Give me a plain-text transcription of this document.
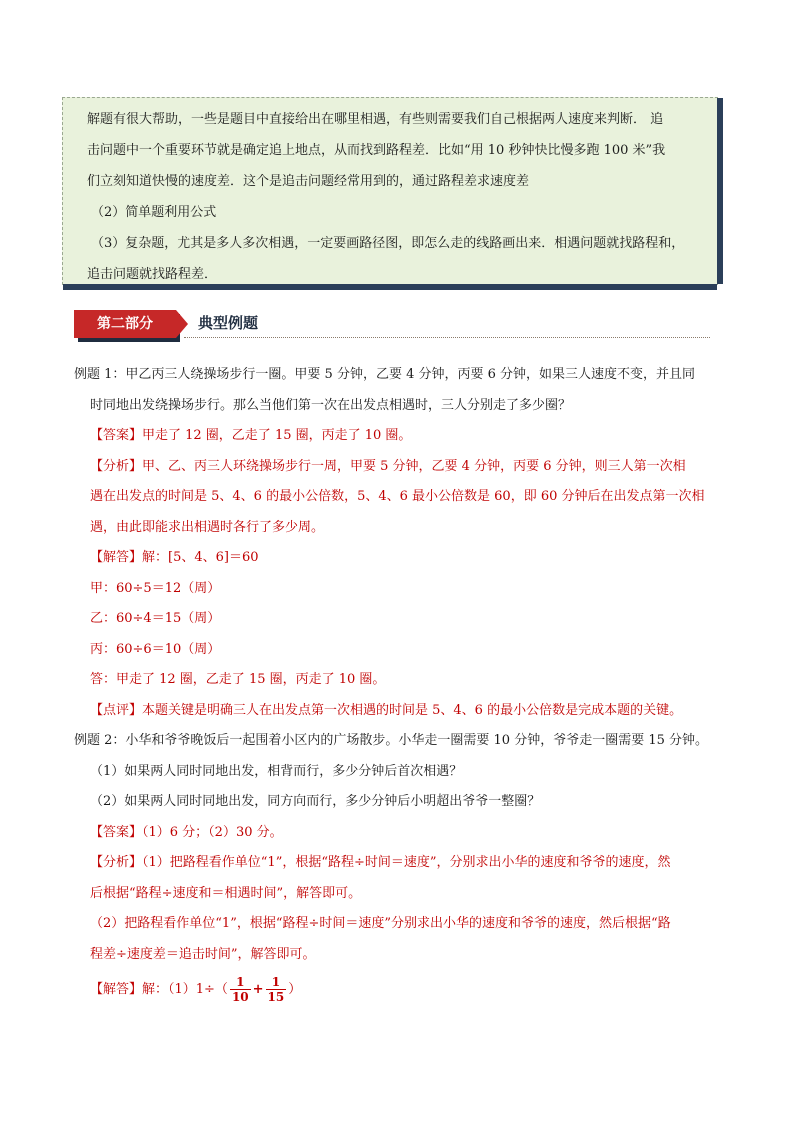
解题有很大帮助，一些是题目中直接给出在哪里相遇，有些则需要我们自己根据两人速度来判断． 追
击问题中一个重要环节就是确定追上地点，从而找到路程差．比如“用 10 秒钟快比慢多跑 100 米”我
们立刻知道快慢的速度差．这个是追击问题经常用到的，通过路程差求速度差
（2）简单题利用公式
（3）复杂题，尤其是多人多次相遇，一定要画路径图，即怎么走的线路画出来．相遇问题就找路程和，
追击问题就找路程差．
第二部分	典型例题
例题 1：甲乙丙三人绕操场步行一圈。甲要 5 分钟，乙要 4 分钟，丙要 6 分钟，如果三人速度不变，并且同
时同地出发绕操场步行。那么当他们第一次在出发点相遇时，三人分别走了多少圈？
【答案】甲走了 12 圈，乙走了 15 圈，丙走了 10 圈。
【分析】甲、乙、丙三人环绕操场步行一周，甲要 5 分钟，乙要 4 分钟，丙要 6 分钟，则三人第一次相
遇在出发点的时间是 5、4、6 的最小公倍数，5、4、6 最小公倍数是 60，即 60 分钟后在出发点第一次相
遇，由此即能求出相遇时各行了多少周。
【解答】解：[5、4、6]＝60
甲：60÷5＝12（周）
乙：60÷4＝15（周）
丙：60÷6＝10（周）
答：甲走了 12 圈，乙走了 15 圈，丙走了 10 圈。
【点评】本题关键是明确三人在出发点第一次相遇的时间是 5、4、6 的最小公倍数是完成本题的关键。
例题 2：小华和爷爷晚饭后一起围着小区内的广场散步。小华走一圈需要 10 分钟，爷爷走一圈需要 15 分钟。
（1）如果两人同时同地出发，相背而行，多少分钟后首次相遇？
（2）如果两人同时同地出发，同方向而行，多少分钟后小明超出爷爷一整圈？
【答案】（1）6 分；（2）30 分。
【分析】（1）把路程看作单位“1”，根据“路程÷时间＝速度”，分别求出小华的速度和爷爷的速度，然
后根据“路程÷速度和＝相遇时间”，解答即可。
（2）把路程看作单位“1”，根据“路程÷时间＝速度”分别求出小华的速度和爷爷的速度，然后根据“路
程差÷速度差＝追击时间”，解答即可。
【解答】解：$(1)1\div( \frac{1}{10} + \frac{1}{15}$ ）
